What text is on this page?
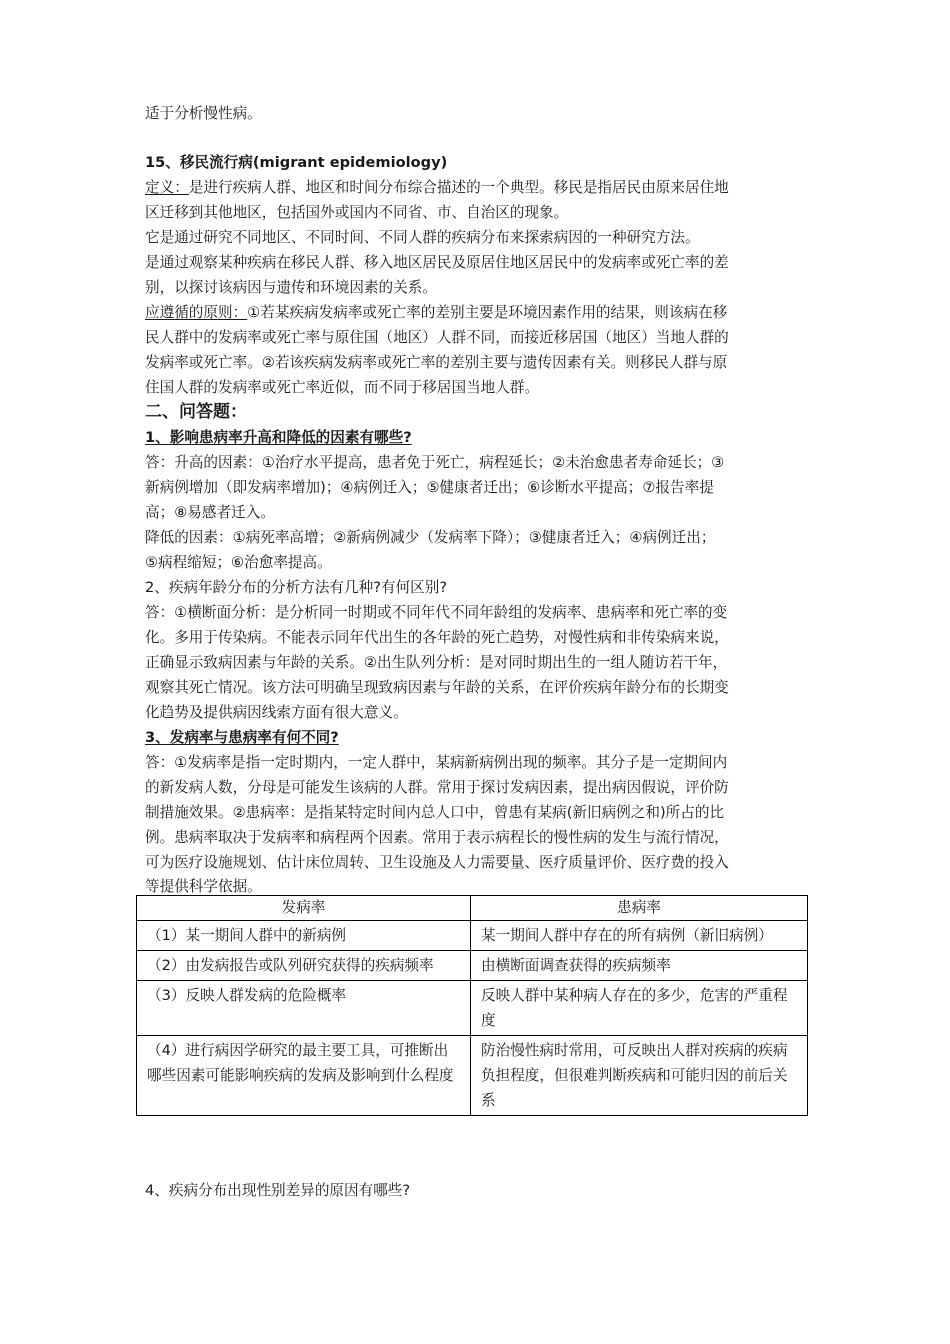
适于分析慢性病。
15、移民流行病(migrant epidemiology)
定义：是进行疾病人群、地区和时间分布综合描述的一个典型。移民是指居民由原来居住地
区迁移到其他地区，包括国外或国内不同省、市、自治区的现象。
它是通过研究不同地区、不同时间、不同人群的疾病分布来探索病因的一种研究方法。
是通过观察某种疾病在移民人群、移入地区居民及原居住地区居民中的发病率或死亡率的差
别，以探讨该病因与遗传和环境因素的关系。
应遵循的原则：①若某疾病发病率或死亡率的差别主要是环境因素作用的结果，则该病在移
民人群中的发病率或死亡率与原住国（地区）人群不同，而接近移居国（地区）当地人群的
发病率或死亡率。②若该疾病发病率或死亡率的差别主要与遗传因素有关。则移民人群与原
住国人群的发病率或死亡率近似，而不同于移居国当地人群。
二、问答题：
1、影响患病率升高和降低的因素有哪些?
答：升高的因素：①治疗水平提高，患者免于死亡，病程延长；②未治愈患者寿命延长；③
新病例增加（即发病率增加)；④病例迁入；⑤健康者迁出；⑥诊断水平提高；⑦报告率提
高；⑧易感者迁入。
降低的因素：①病死率高增；②新病例减少（发病率下降）；③健康者迁入；④病例迁出；
⑤病程缩短；⑥治愈率提高。
2、疾病年龄分布的分析方法有几种?有何区别?
答：①横断面分析：是分析同一时期或不同年代不同年龄组的发病率、患病率和死亡率的变
化。多用于传染病。不能表示同年代出生的各年龄的死亡趋势，对慢性病和非传染病来说，
正确显示致病因素与年龄的关系。②出生队列分析：是对同时期出生的一组人随访若干年，
观察其死亡情况。该方法可明确呈现致病因素与年龄的关系，在评价疾病年龄分布的长期变
化趋势及提供病因线索方面有很大意义。
3、发病率与患病率有何不同?
答：①发病率是指一定时期内，一定人群中，某病新病例出现的频率。其分子是一定期间内
的新发病人数，分母是可能发生该病的人群。常用于探讨发病因素，提出病因假说，评价防
制措施效果。②患病率：是指某特定时间内总人口中，曾患有某病(新旧病例之和)所占的比
例。患病率取决于发病率和病程两个因素。常用于表示病程长的慢性病的发生与流行情况，
可为医疗设施规划、估计床位周转、卫生设施及人力需要量、医疗质量评价、医疗费的投入
等提供科学依据。
发病率	患病率
（1）某一期间人群中的新病例	某一期间人群中存在的所有病例（新旧病例）
（2）由发病报告或队列研究获得的疾病频率	由横断面调查获得的疾病频率
（3）反映人群发病的危险概率	反映人群中某种病人存在的多少，危害的严重程度
（4）进行病因学研究的最主要工具，可推断出哪些因素可能影响疾病的发病及影响到什么程度	防治慢性病时常用，可反映出人群对疾病的疾病负担程度，但很难判断疾病和可能归因的前后关系
4、疾病分布出现性别差异的原因有哪些?
